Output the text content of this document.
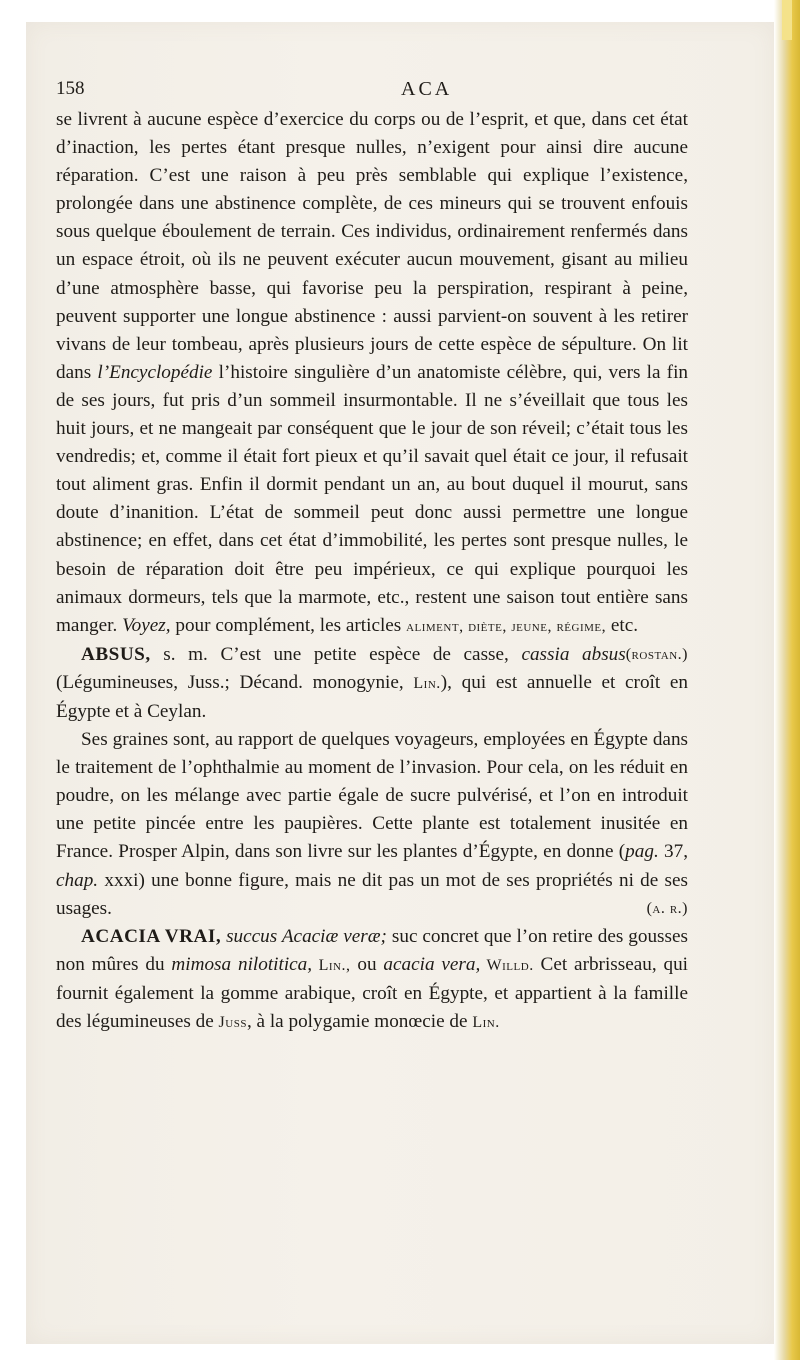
158	ACA

se livrent à aucune espèce d’exercice du corps ou de l’esprit, et que, dans cet état d’inaction, les pertes étant presque nulles, n’exigent pour ainsi dire aucune réparation. C’est une raison à peu près semblable qui explique l’existence, prolongée dans une abstinence complète, de ces mineurs qui se trouvent enfouis sous quelque éboulement de terrain. Ces individus, ordinairement renfermés dans un espace étroit, où ils ne peuvent exécuter aucun mouvement, gisant au milieu d’une atmosphère basse, qui favorise peu la perspiration, respirant à peine, peuvent supporter une longue abstinence : aussi parvient-on souvent à les retirer vivans de leur tombeau, après plusieurs jours de cette espèce de sépulture. On lit dans l’Encyclopédie l’histoire singulière d’un anatomiste célèbre, qui, vers la fin de ses jours, fut pris d’un sommeil insurmontable. Il ne s’éveillait que tous les huit jours, et ne mangeait par conséquent que le jour de son réveil; c’était tous les vendredis; et, comme il était fort pieux et qu’il savait quel était ce jour, il refusait tout aliment gras. Enfin il dormit pendant un an, au bout duquel il mourut, sans doute d’inanition. L’état de sommeil peut donc aussi permettre une longue abstinence; en effet, dans cet état d’immobilité, les pertes sont presque nulles, le besoin de réparation doit être peu impérieux, ce qui explique pourquoi les animaux dormeurs, tels que la marmote, etc., restent une saison tout entière sans manger. Voyez, pour complément, les articles aliment, diète, jeune, régime, etc.
(rostan.)

ABSUS, s. m. C’est une petite espèce de casse, cassia absus (Légumineuses, Juss.; Décand. monogynie, Lin.), qui est annuelle et croît en Égypte et à Ceylan.

Ses graines sont, au rapport de quelques voyageurs, employées en Égypte dans le traitement de l’ophthalmie au moment de l’invasion. Pour cela, on les réduit en poudre, on les mélange avec partie égale de sucre pulvérisé, et l’on en introduit une petite pincée entre les paupières. Cette plante est totalement inusitée en France. Prosper Alpin, dans son livre sur les plantes d’Égypte, en donne (pag. 37, chap. xxxi) une bonne figure, mais ne dit pas un mot de ses propriétés ni de ses usages.	(a. r.)

ACACIA VRAI, succus Acaciæ veræ; suc concret que l’on retire des gousses non mûres du mimosa nilotitica, Lin., ou acacia vera, Willd. Cet arbrisseau, qui fournit également la gomme arabique, croît en Égypte, et appartient à la famille des légumineuses de Juss, à la polygamie monœcie de Lin.
